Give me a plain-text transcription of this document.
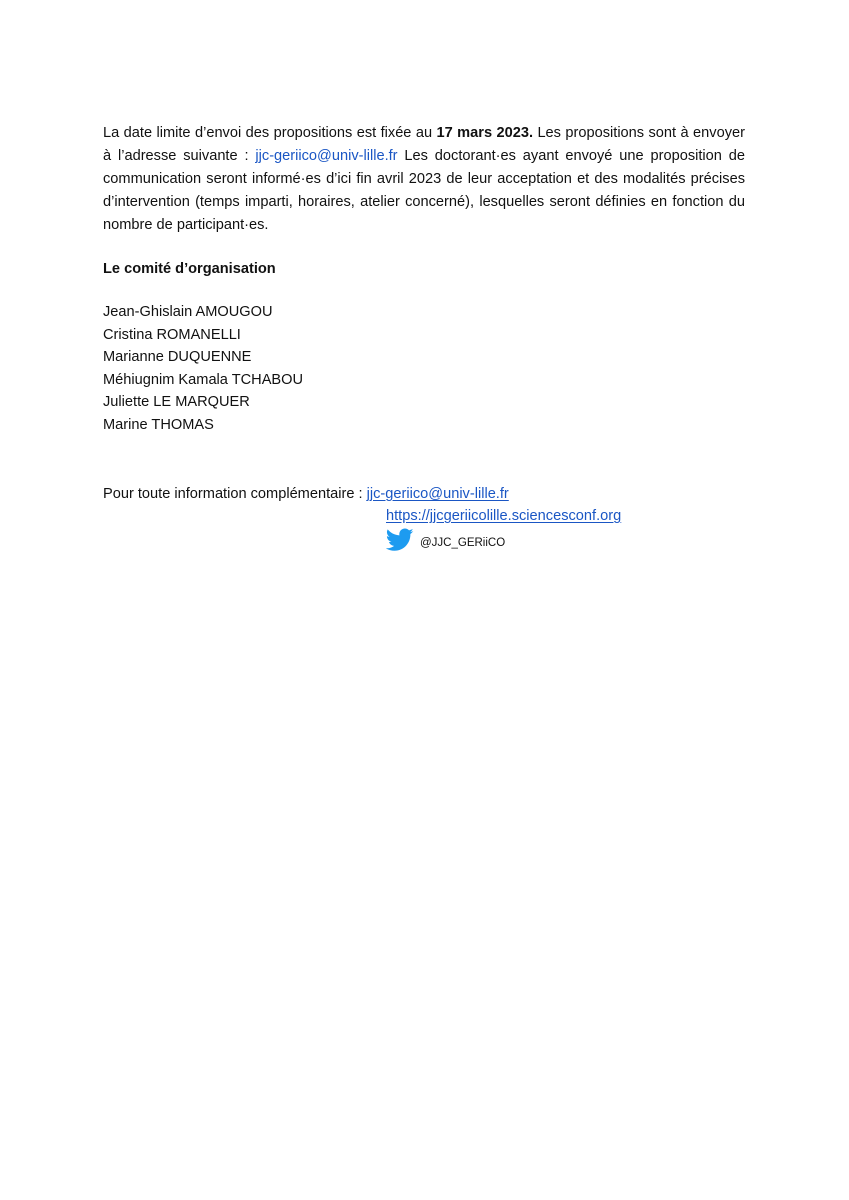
La date limite d’envoi des propositions est fixée au 17 mars 2023. Les propositions sont à envoyer à l’adresse suivante : jjc-geriico@univ-lille.fr Les doctorant·es ayant envoyé une proposition de communication seront informé·es d’ici fin avril 2023 de leur acceptation et des modalités précises d’intervention (temps imparti, horaires, atelier concerné), lesquelles seront définies en fonction du nombre de participant·es.

Le comité d’organisation
Jean-Ghislain AMOUGOU
Cristina ROMANELLI
Marianne DUQUENNE
Méhiugnim Kamala TCHABOU
Juliette LE MARQUER
Marine THOMAS
Pour toute information complémentaire : jjc-geriico@univ-lille.fr
https://jjcgeriicolille.sciencesconf.org
@JJC_GERiiCO
